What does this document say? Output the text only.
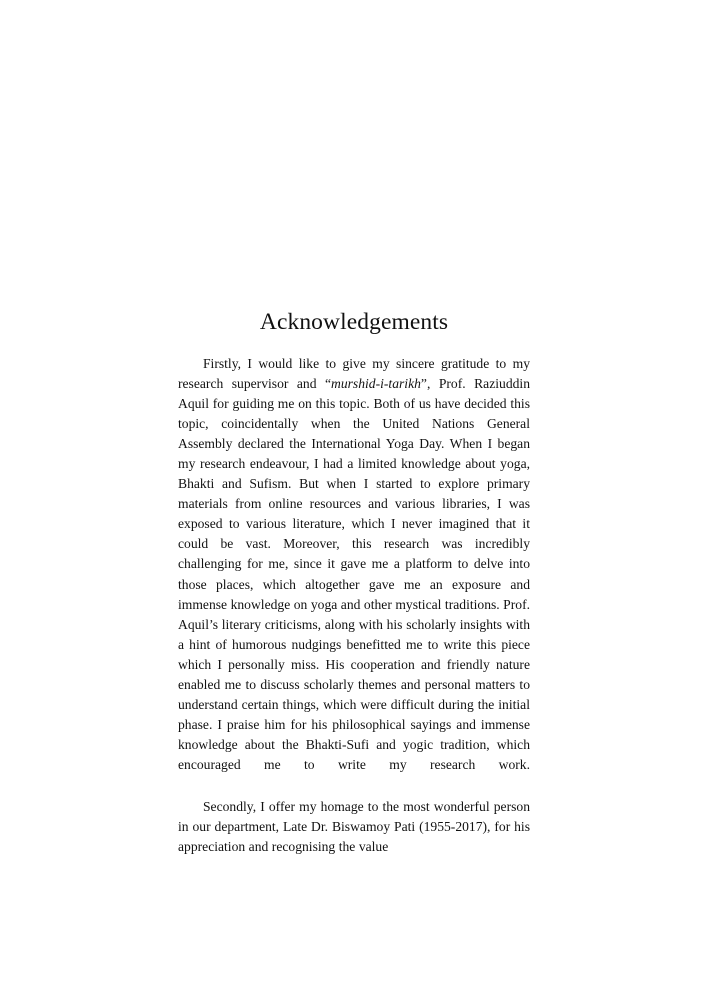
Acknowledgements

Firstly, I would like to give my sincere gratitude to my research supervisor and “murshid-i-tarikh”, Prof. Raziuddin Aquil for guiding me on this topic. Both of us have decided this topic, coincidentally when the United Nations General Assembly declared the International Yoga Day. When I began my research endeavour, I had a limited knowledge about yoga, Bhakti and Sufism. But when I started to explore primary materials from online resources and various libraries, I was exposed to various literature, which I never imagined that it could be vast. Moreover, this research was incredibly challenging for me, since it gave me a platform to delve into those places, which altogether gave me an exposure and immense knowledge on yoga and other mystical traditions. Prof. Aquil’s literary criticisms, along with his scholarly insights with a hint of humorous nudgings benefitted me to write this piece which I personally miss. His cooperation and friendly nature enabled me to discuss scholarly themes and personal matters to understand certain things, which were difficult during the initial phase. I praise him for his philosophical sayings and immense knowledge about the Bhakti-Sufi and yogic tradition, which encouraged me to write my research work.

Secondly, I offer my homage to the most wonderful person in our department, Late Dr. Biswamoy Pati (1955-2017), for his appreciation and recognising the value
